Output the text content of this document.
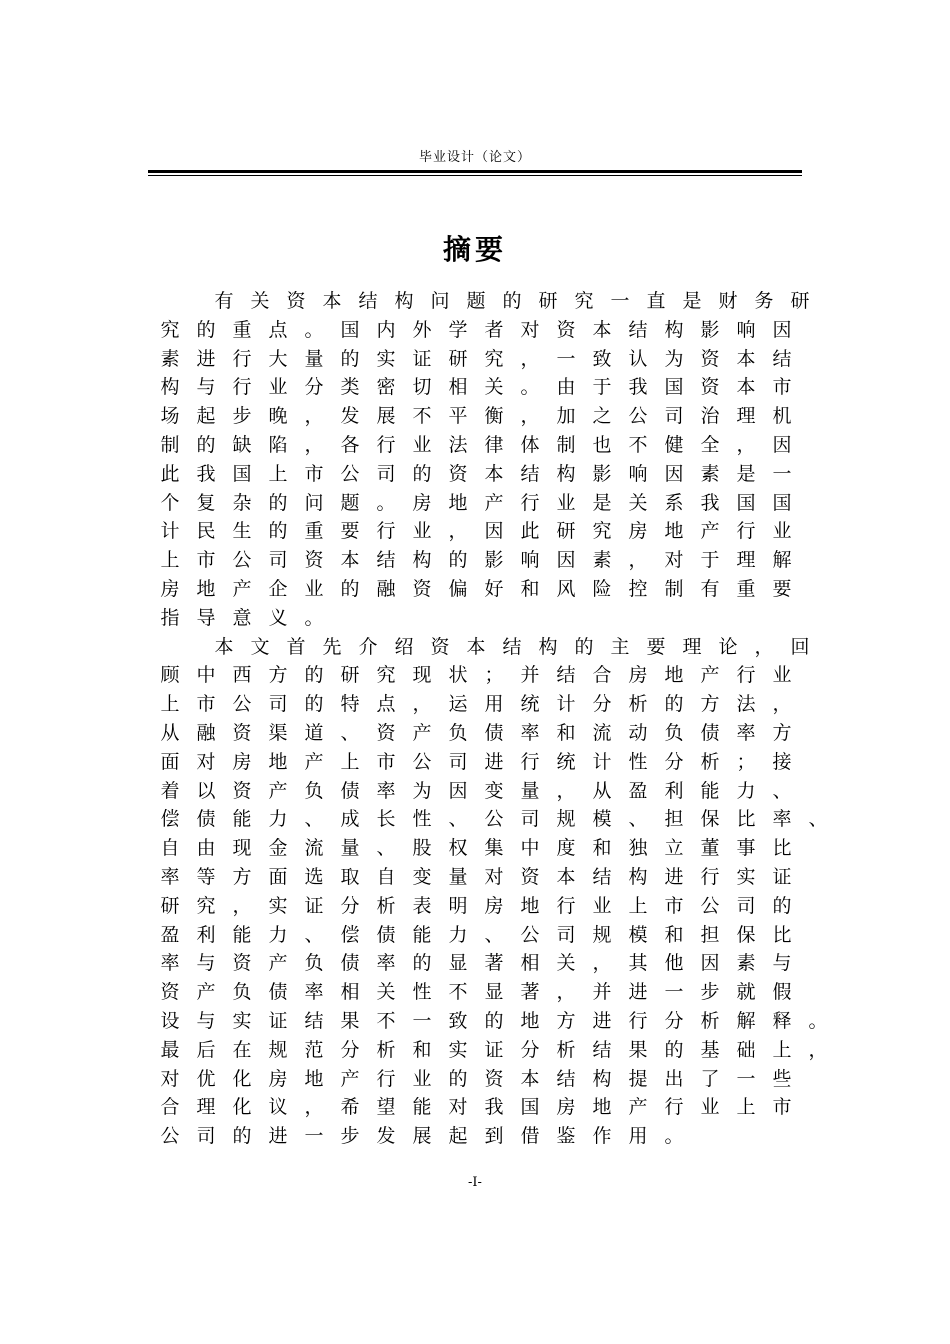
毕业设计（论文）
摘要
有 关 资 本 结 构 问 题 的 研 究 一 直 是 财 务 研
究 的 重 点 。 国 内 外 学 者 对 资 本 结 构 影 响 因
素 进 行 大 量 的 实 证 研 究 ， 一 致 认 为 资 本 结
构 与 行 业 分 类 密 切 相 关 。 由 于 我 国 资 本 市
场 起 步 晚 ， 发 展 不 平 衡 ， 加 之 公 司 治 理 机
制 的 缺 陷 ， 各 行 业 法 律 体 制 也 不 健 全 ， 因
此 我 国 上 市 公 司 的 资 本 结 构 影 响 因 素 是 一
个 复 杂 的 问 题 。 房 地 产 行 业 是 关 系 我 国 国
计 民 生 的 重 要 行 业 ， 因 此 研 究 房 地 产 行 业
上 市 公 司 资 本 结 构 的 影 响 因 素 ， 对 于 理 解
房 地 产 企 业 的 融 资 偏 好 和 风 险 控 制 有 重 要
指 导 意 义 。
本 文 首 先 介 绍 资 本 结 构 的 主 要 理 论 ， 回
顾 中 西 方 的 研 究 现 状 ； 并 结 合 房 地 产 行 业
上 市 公 司 的 特 点 ， 运 用 统 计 分 析 的 方 法 ，
从 融 资 渠 道 、 资 产 负 债 率 和 流 动 负 债 率 方
面 对 房 地 产 上 市 公 司 进 行 统 计 性 分 析 ； 接
着 以 资 产 负 债 率 为 因 变 量 ， 从 盈 利 能 力 、
偿 债 能 力 、 成 长 性 、 公 司 规 模 、 担 保 比 率 、
自 由 现 金 流 量 、 股 权 集 中 度 和 独 立 董 事 比
率 等 方 面 选 取 自 变 量 对 资 本 结 构 进 行 实 证
研 究 ， 实 证 分 析 表 明 房 地 行 业 上 市 公 司 的
盈 利 能 力 、 偿 债 能 力 、 公 司 规 模 和 担 保 比
率 与 资 产 负 债 率 的 显 著 相 关 ， 其 他 因 素 与
资 产 负 债 率 相 关 性 不 显 著 ， 并 进 一 步 就 假
设 与 实 证 结 果 不 一 致 的 地 方 进 行 分 析 解 释 。
最 后 在 规 范 分 析 和 实 证 分 析 结 果 的 基 础 上 ，
对 优 化 房 地 产 行 业 的 资 本 结 构 提 出 了 一 些
合 理 化 议 ， 希 望 能 对 我 国 房 地 产 行 业 上 市
公 司 的 进 一 步 发 展 起 到 借 鉴 作 用 。
-I-
